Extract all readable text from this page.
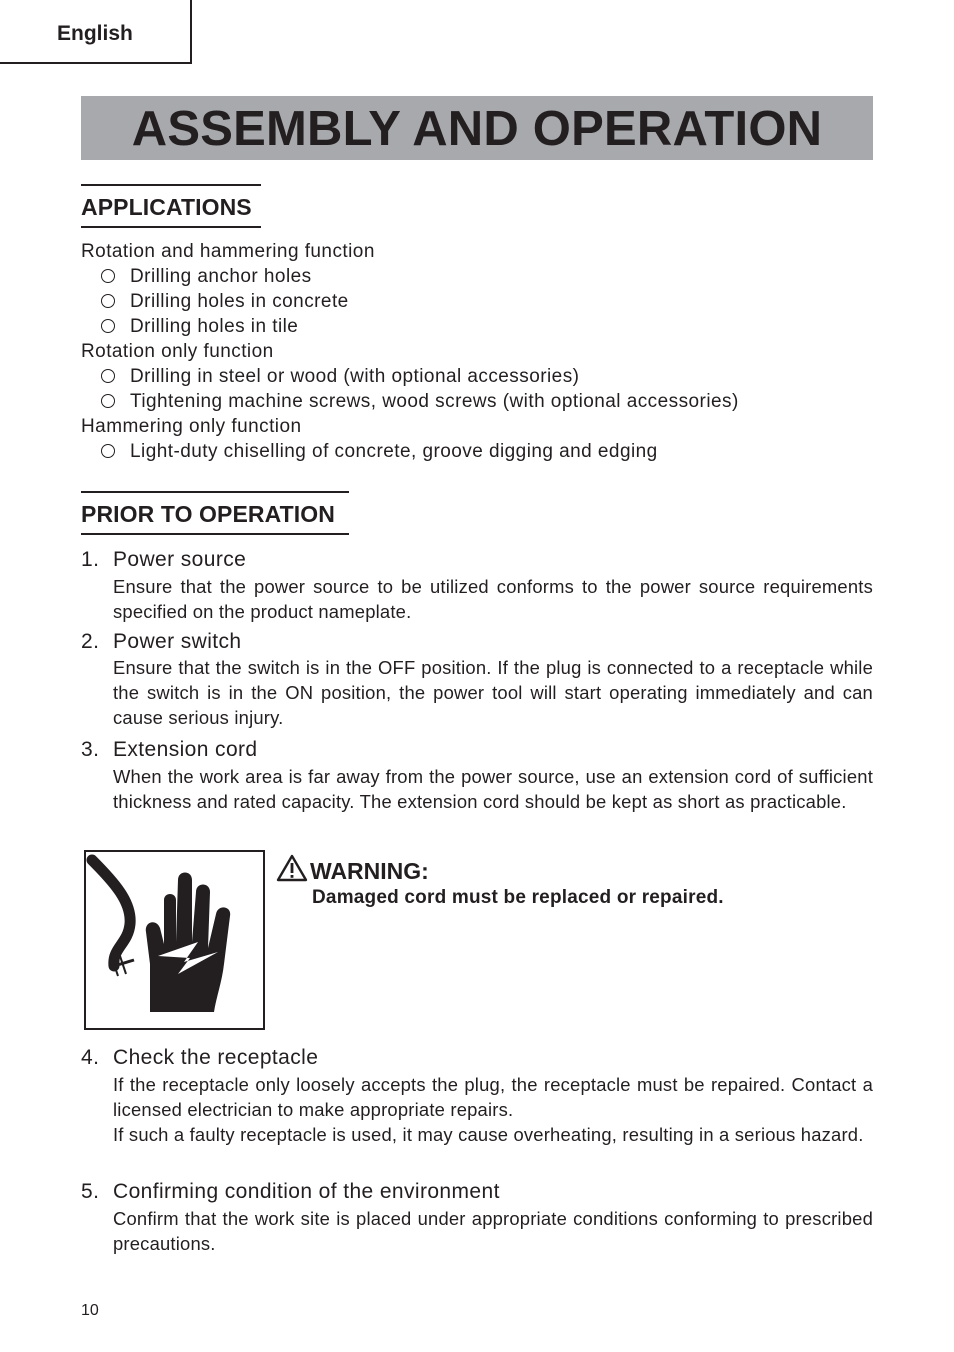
English
ASSEMBLY AND OPERATION
APPLICATIONS
Rotation and hammering function
Drilling anchor holes
Drilling holes in concrete
Drilling holes in tile
Rotation only function
Drilling in steel or wood (with optional accessories)
Tightening machine screws, wood screws (with optional accessories)
Hammering only function
Light-duty chiselling of concrete, groove digging and edging
PRIOR TO OPERATION
1. Power source

Ensure that the power source to be utilized conforms to the power source requirements specified on the product nameplate.

2. Power switch

Ensure that the switch is in the OFF position. If the plug is connected to a receptacle while the switch is in the ON position, the power tool will start operating immediately and can cause serious injury.

3. Extension cord

When the work area is far away from the power source, use an extension cord of sufficient thickness and rated capacity. The extension cord should be kept as short as practicable.

WARNING:
Damaged cord must be replaced or repaired.
4. Check the receptacle

If the receptacle only loosely accepts the plug, the receptacle must be repaired. Contact a licensed electrician to make appropriate repairs.

If such a faulty receptacle is used, it may cause overheating, resulting in a serious hazard.

5. Confirming condition of the environment

Confirm that the work site is placed under appropriate conditions conforming to prescribed precautions.

10
